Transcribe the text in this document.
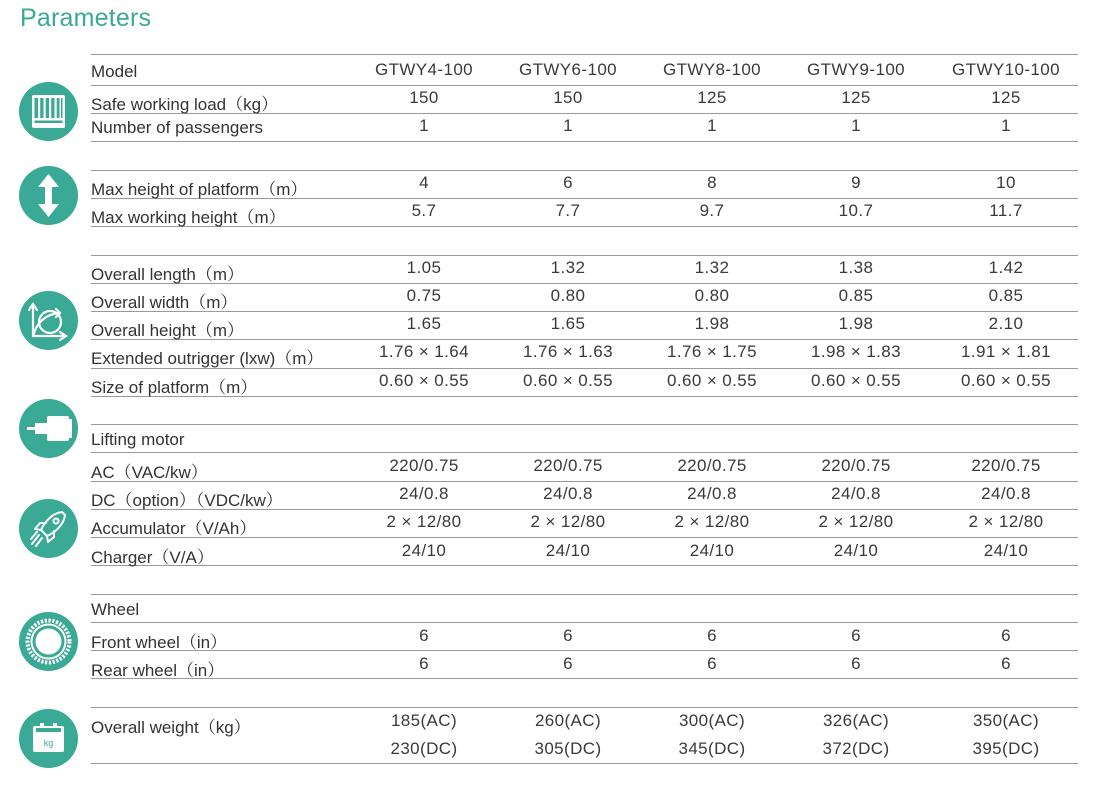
Parameters
Model	GTWY4-100	GTWY6-100	GTWY8-100	GTWY9-100	GTWY10-100
Safe working load（kg）	150	150	125	125	125
Number of passengers	1	1	1	1	1
Max height of platform（m）	4	6	8	9	10
Max working height（m）	5.7	7.7	9.7	10.7	11.7
Overall length（m）	1.05	1.32	1.32	1.38	1.42
Overall width（m）	0.75	0.80	0.80	0.85	0.85
Overall height（m）	1.65	1.65	1.98	1.98	2.10
Extended outrigger (lxw)（m）	1.76 × 1.64	1.76 × 1.63	1.76 × 1.75	1.98 × 1.83	1.91 × 1.81
Size of platform（m）	0.60 × 0.55	0.60 × 0.55	0.60 × 0.55	0.60 × 0.55	0.60 × 0.55
Lifting motor
AC（VAC/kw）	220/0.75	220/0.75	220/0.75	220/0.75	220/0.75
DC（option）（VDC/kw）	24/0.8	24/0.8	24/0.8	24/0.8	24/0.8
Accumulator（V/Ah）	2 × 12/80	2 × 12/80	2 × 12/80	2 × 12/80	2 × 12/80
Charger（V/A）	24/10	24/10	24/10	24/10	24/10
Wheel
Front wheel（in）	6	6	6	6	6
Rear wheel（in）	6	6	6	6	6
Overall weight（kg）	185(AC)	260(AC)	300(AC)	326(AC)	350(AC)
230(DC)	305(DC)	345(DC)	372(DC)	395(DC)
kg
